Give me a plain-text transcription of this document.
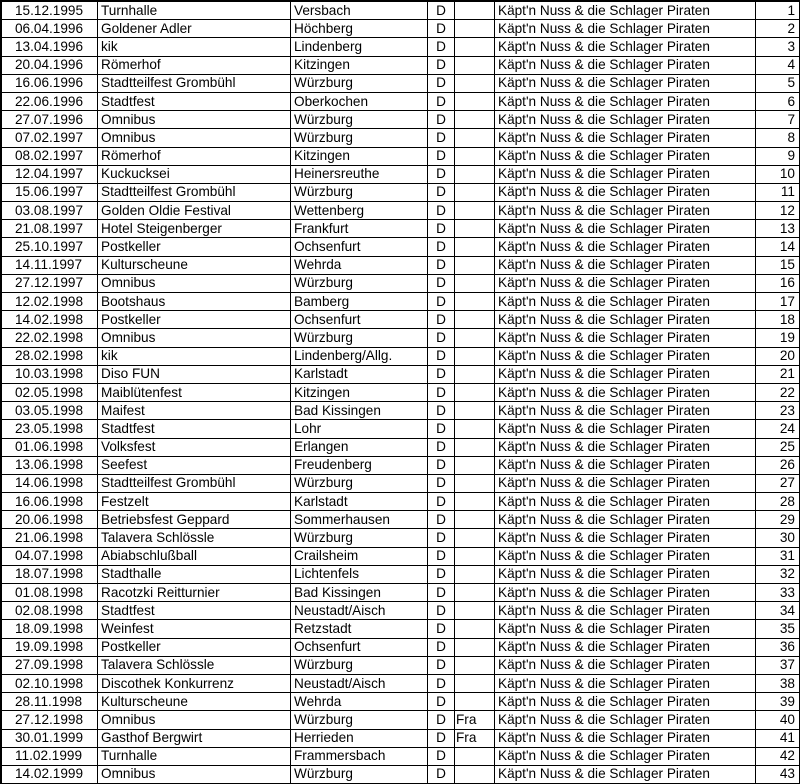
15.12.1995	Turnhalle	Versbach	D		Käpt'n Nuss & die Schlager Piraten	1
06.04.1996	Goldener Adler	Höchberg	D		Käpt'n Nuss & die Schlager Piraten	2
13.04.1996	kik	Lindenberg	D		Käpt'n Nuss & die Schlager Piraten	3
20.04.1996	Römerhof	Kitzingen	D		Käpt'n Nuss & die Schlager Piraten	4
16.06.1996	Stadtteilfest Grombühl	Würzburg	D		Käpt'n Nuss & die Schlager Piraten	5
22.06.1996	Stadtfest	Oberkochen	D		Käpt'n Nuss & die Schlager Piraten	6
27.07.1996	Omnibus	Würzburg	D		Käpt'n Nuss & die Schlager Piraten	7
07.02.1997	Omnibus	Würzburg	D		Käpt'n Nuss & die Schlager Piraten	8
08.02.1997	Römerhof	Kitzingen	D		Käpt'n Nuss & die Schlager Piraten	9
12.04.1997	Kuckucksei	Heinersreuthe	D		Käpt'n Nuss & die Schlager Piraten	10
15.06.1997	Stadtteilfest Grombühl	Würzburg	D		Käpt'n Nuss & die Schlager Piraten	11
03.08.1997	Golden Oldie Festival	Wettenberg	D		Käpt'n Nuss & die Schlager Piraten	12
21.08.1997	Hotel Steigenberger	Frankfurt	D		Käpt'n Nuss & die Schlager Piraten	13
25.10.1997	Postkeller	Ochsenfurt	D		Käpt'n Nuss & die Schlager Piraten	14
14.11.1997	Kulturscheune	Wehrda	D		Käpt'n Nuss & die Schlager Piraten	15
27.12.1997	Omnibus	Würzburg	D		Käpt'n Nuss & die Schlager Piraten	16
12.02.1998	Bootshaus	Bamberg	D		Käpt'n Nuss & die Schlager Piraten	17
14.02.1998	Postkeller	Ochsenfurt	D		Käpt'n Nuss & die Schlager Piraten	18
22.02.1998	Omnibus	Würzburg	D		Käpt'n Nuss & die Schlager Piraten	19
28.02.1998	kik	Lindenberg/Allg.	D		Käpt'n Nuss & die Schlager Piraten	20
10.03.1998	Diso FUN	Karlstadt	D		Käpt'n Nuss & die Schlager Piraten	21
02.05.1998	Maiblütenfest	Kitzingen	D		Käpt'n Nuss & die Schlager Piraten	22
03.05.1998	Maifest	Bad Kissingen	D		Käpt'n Nuss & die Schlager Piraten	23
23.05.1998	Stadtfest	Lohr	D		Käpt'n Nuss & die Schlager Piraten	24
01.06.1998	Volksfest	Erlangen	D		Käpt'n Nuss & die Schlager Piraten	25
13.06.1998	Seefest	Freudenberg	D		Käpt'n Nuss & die Schlager Piraten	26
14.06.1998	Stadtteilfest Grombühl	Würzburg	D		Käpt'n Nuss & die Schlager Piraten	27
16.06.1998	Festzelt	Karlstadt	D		Käpt'n Nuss & die Schlager Piraten	28
20.06.1998	Betriebsfest Geppard	Sommerhausen	D		Käpt'n Nuss & die Schlager Piraten	29
21.06.1998	Talavera Schlössle	Würzburg	D		Käpt'n Nuss & die Schlager Piraten	30
04.07.1998	Abiabschlußball	Crailsheim	D		Käpt'n Nuss & die Schlager Piraten	31
18.07.1998	Stadthalle	Lichtenfels	D		Käpt'n Nuss & die Schlager Piraten	32
01.08.1998	Racotzki Reitturnier	Bad Kissingen	D		Käpt'n Nuss & die Schlager Piraten	33
02.08.1998	Stadtfest	Neustadt/Aisch	D		Käpt'n Nuss & die Schlager Piraten	34
18.09.1998	Weinfest	Retzstadt	D		Käpt'n Nuss & die Schlager Piraten	35
19.09.1998	Postkeller	Ochsenfurt	D		Käpt'n Nuss & die Schlager Piraten	36
27.09.1998	Talavera Schlössle	Würzburg	D		Käpt'n Nuss & die Schlager Piraten	37
02.10.1998	Discothek Konkurrenz	Neustadt/Aisch	D		Käpt'n Nuss & die Schlager Piraten	38
28.11.1998	Kulturscheune	Wehrda	D		Käpt'n Nuss & die Schlager Piraten	39
27.12.1998	Omnibus	Würzburg	D	Fra	Käpt'n Nuss & die Schlager Piraten	40
30.01.1999	Gasthof Bergwirt	Herrieden	D	Fra	Käpt'n Nuss & die Schlager Piraten	41
11.02.1999	Turnhalle	Frammersbach	D		Käpt'n Nuss & die Schlager Piraten	42
14.02.1999	Omnibus	Würzburg	D		Käpt'n Nuss & die Schlager Piraten	43
